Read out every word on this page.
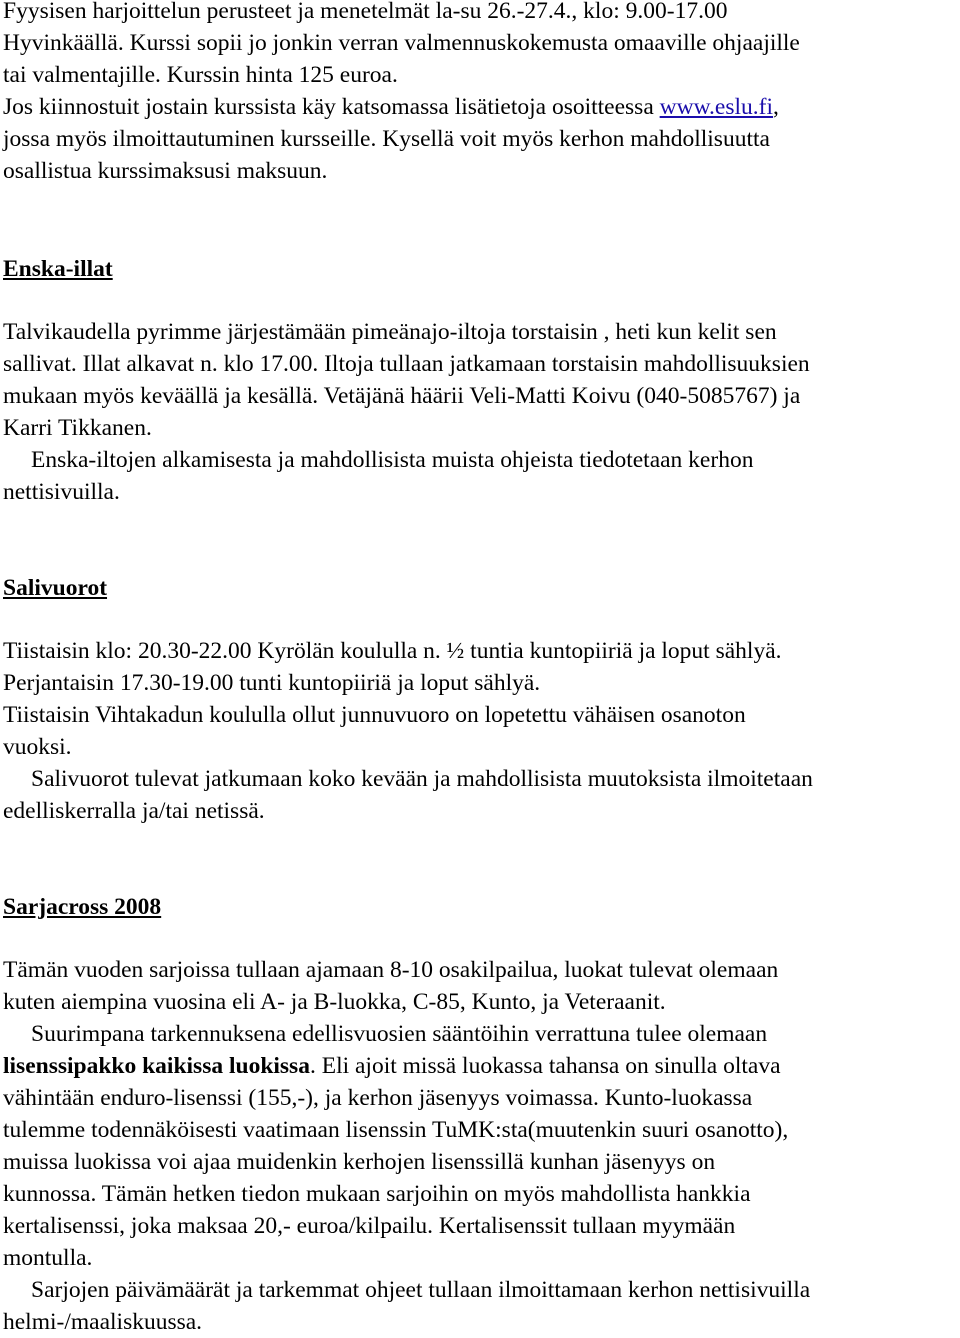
Fyysisen harjoittelun perusteet ja menetelmät la-su 26.-27.4., klo: 9.00-17.00
Hyvinkäällä. Kurssi sopii jo jonkin verran valmennuskokemusta omaaville ohjaajille
tai valmentajille. Kurssin hinta 125 euroa.
Jos kiinnostuit jostain kurssista käy katsomassa lisätietoja osoitteessa www.eslu.fi,
jossa myös ilmoittautuminen kursseille. Kysellä voit myös kerhon mahdollisuutta
osallistua kurssimaksusi maksuun.
Enska-illat
Talvikaudella pyrimme järjestämään pimeänajo-iltoja torstaisin , heti kun kelit sen
sallivat. Illat alkavat n. klo 17.00. Iltoja tullaan jatkamaan torstaisin mahdollisuuksien
mukaan myös keväällä ja kesällä. Vetäjänä häärii Veli-Matti Koivu (040-5085767) ja
Karri Tikkanen.
Enska-iltojen alkamisesta ja mahdollisista muista ohjeista tiedotetaan kerhon
nettisivuilla.
Salivuorot
Tiistaisin klo: 20.30-22.00 Kyrölän koululla n. ½ tuntia kuntopiiriä ja loput sählyä.
Perjantaisin 17.30-19.00 tunti kuntopiiriä ja loput sählyä.
Tiistaisin Vihtakadun koululla ollut junnuvuoro on lopetettu vähäisen osanoton
vuoksi.
Salivuorot tulevat jatkumaan koko kevään ja mahdollisista muutoksista ilmoitetaan
edelliskerralla ja/tai netissä.
Sarjacross 2008
Tämän vuoden sarjoissa tullaan ajamaan 8-10 osakilpailua, luokat tulevat olemaan
kuten aiempina vuosina eli A- ja B-luokka, C-85, Kunto, ja Veteraanit.
Suurimpana tarkennuksena edellisvuosien sääntöihin verrattuna tulee olemaan
lisenssipakko kaikissa luokissa. Eli ajoit missä luokassa tahansa on sinulla oltava
vähintään enduro-lisenssi (155,-), ja kerhon jäsenyys voimassa. Kunto-luokassa
tulemme todennäköisesti vaatimaan lisenssin TuMK:sta(muutenkin suuri osanotto),
muissa luokissa voi ajaa muidenkin kerhojen lisenssillä kunhan jäsenyys on
kunnossa. Tämän hetken tiedon mukaan sarjoihin on myös mahdollista hankkia
kertalisenssi, joka maksaa 20,- euroa/kilpailu. Kertalisenssit tullaan myymään
montulla.
Sarjojen päivämäärät ja tarkemmat ohjeet tullaan ilmoittamaan kerhon nettisivuilla
helmi-/maaliskuussa.
